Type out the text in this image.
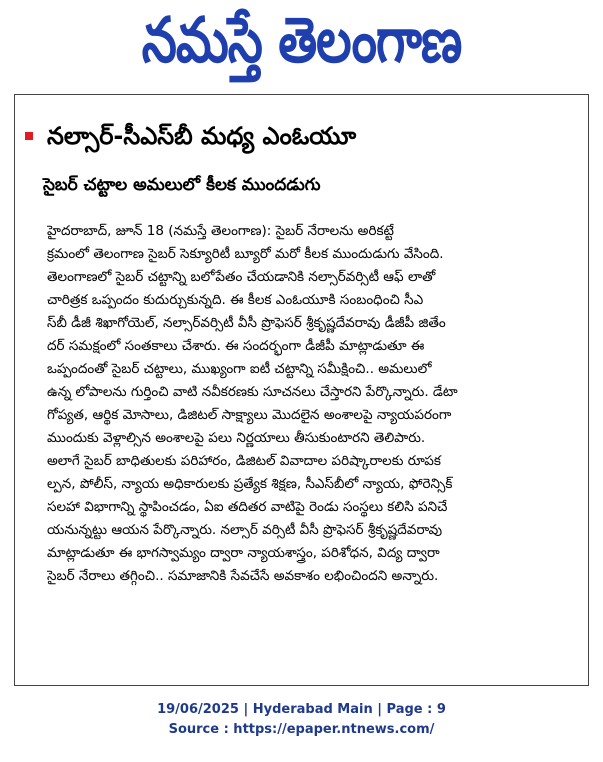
నమస్తే తెలంగాణ
నల్సార్‌-సీఎస్‌బీ మధ్య ఎంఓయూ
సైబర్‌ చట్టాల అమలులో కీలక ముందడుగు
హైదరాబాద్‌, జూన్‌ 18 (నమస్తే తెలంగాణ): సైబర్‌ నేరాలను అరికట్టే
క్రమంలో తెలంగాణ సైబర్‌ సెక్యూరిటీ బ్యూరో మరో కీలక ముందుడుగు వేసింది.
తెలంగాణలో సైబర్‌ చట్టాన్ని బలోపేతం చేయడానికి నల్సార్‌వర్సిటీ ఆఫ్‌ లాతో
చారిత్రక ఒప్పందం కుదుర్చుకున్నది. ఈ కీలక ఎంఓయూకి సంబంధించి సీఎ
స్‌బీ డీజీ శిఖాగోయెల్‌, నల్సార్‌వర్సిటీ వీసీ ప్రొఫెసర్‌ శ్రీకృష్ణదేవరావు డీజీపీ జితేం
దర్‌ సమక్షంలో సంతకాలు చేశారు. ఈ సందర్భంగా డీజీపీ మాట్లాడుతూ ఈ
ఒప్పందంతో సైబర్‌ చట్టాలు, ముఖ్యంగా ఐటీ చట్టాన్ని సమీక్షించి.. అమలులో
ఉన్న లోపాలను గుర్తించి వాటి నవీకరణకు సూచనలు చేస్తారని పేర్కొన్నారు. డేటా
గోప్యత, ఆర్థిక మోసాలు, డిజిటల్‌ సాక్ష్యాలు మొదలైన అంశాలపై న్యాయపరంగా
ముందుకు వెళ్లాల్సిన అంశాలపై పలు నిర్ణయాలు తీసుకుంటారని తెలిపారు.
అలాగే సైబర్‌ బాధితులకు పరిహారం, డిజిటల్‌ వివాదాల పరిష్కారాలకు రూపక
ల్పన, పోలీస్‌, న్యాయ అధికారులకు ప్రత్యేక శిక్షణ, సీఎస్‌బీలో న్యాయ, ఫోరెన్సిక్‌
సలహా విభాగాన్ని స్థాపించడం, ఏఐ తదితర వాటిపై రెండు సంస్థలు కలిసి పనిచే
యనున్నట్టు ఆయన పేర్కొన్నారు. నల్సార్‌ వర్సిటీ వీసీ ప్రొఫెసర్‌ శ్రీకృష్ణదేవరావు
మాట్లాడుతూ ఈ భాగస్వామ్యం ద్వారా న్యాయశాస్త్రం, పరిశోధన, విద్య ద్వారా
సైబర్‌ నేరాలు తగ్గించి.. సమాజానికి సేవచేసే అవకాశం లభించిందని అన్నారు.
19/06/2025 | Hyderabad Main | Page : 9
Source : https://epaper.ntnews.com/
